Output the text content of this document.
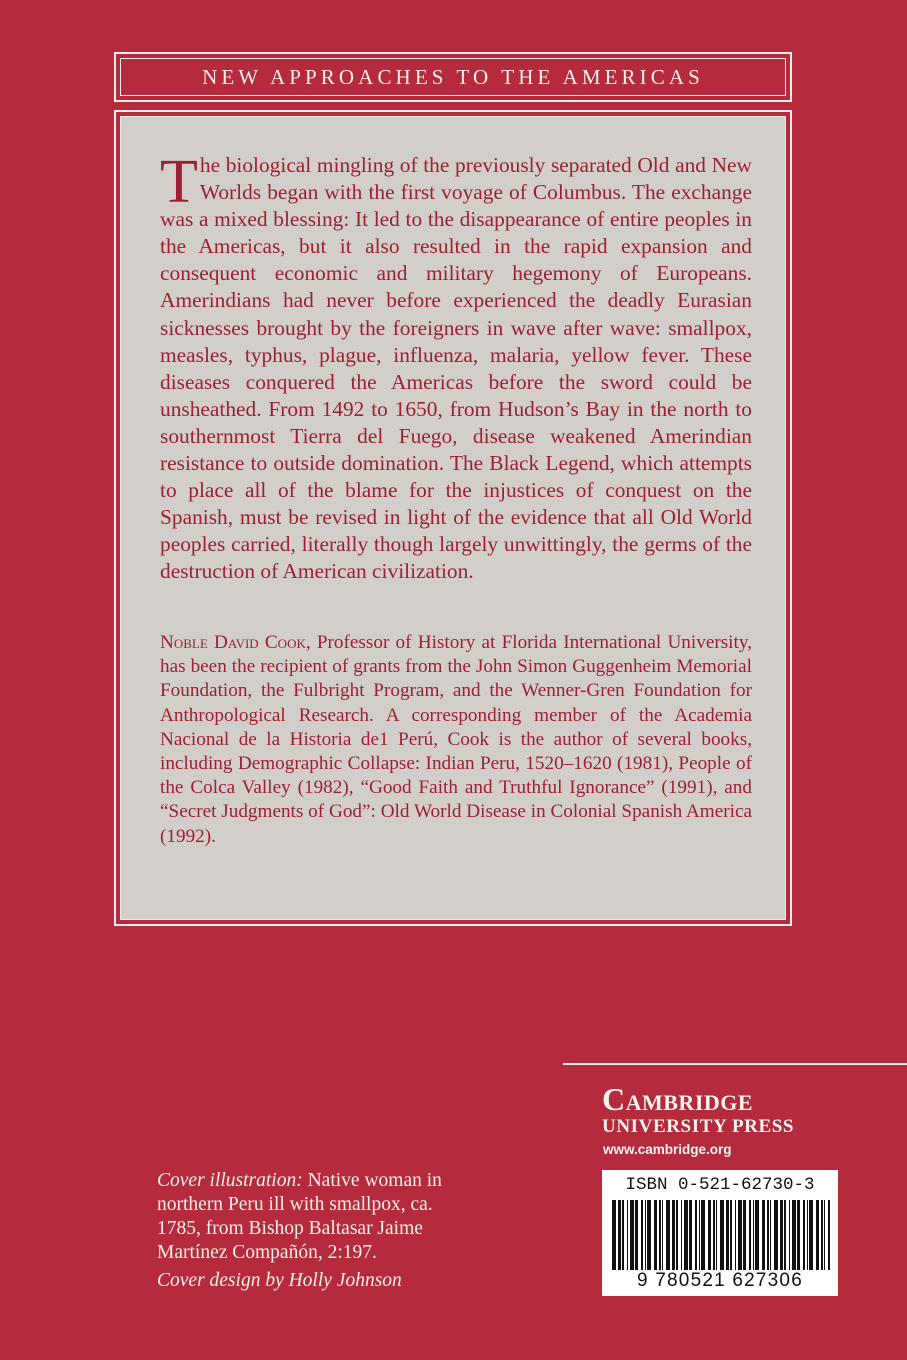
NEW APPROACHES TO THE AMERICAS

The biological mingling of the previously separated Old and New Worlds began with the first voyage of Columbus. The exchange was a mixed blessing: It led to the disappearance of entire peoples in the Americas, but it also resulted in the rapid expansion and consequent economic and military hegemony of Europeans. Amerindians had never before experienced the deadly Eurasian sicknesses brought by the foreigners in wave after wave: smallpox, measles, typhus, plague, influenza, malaria, yellow fever. These diseases conquered the Americas before the sword could be unsheathed. From 1492 to 1650, from Hudson’s Bay in the north to southernmost Tierra del Fuego, disease weakened Amerindian resistance to outside domination. The Black Legend, which attempts to place all of the blame for the injustices of conquest on the Spanish, must be revised in light of the evidence that all Old World peoples carried, literally though largely unwittingly, the germs of the destruction of American civilization.

Noble David Cook, Professor of History at Florida International University, has been the recipient of grants from the John Simon Guggenheim Memorial Foundation, the Fulbright Program, and the Wenner-Gren Foundation for Anthropological Research. A corresponding member of the Academia Nacional de la Historia de1 Perú, Cook is the author of several books, including Demographic Collapse: Indian Peru, 1520–1620 (1981), People of the Colca Valley (1982), “Good Faith and Truthful Ignorance” (1991), and “Secret Judgments of God”: Old World Disease in Colonial Spanish America (1992).

Cambridge

UNIVERSITY PRESS

www.cambridge.org

ISBN 0-521-62730-3
9 780521 627306

Cover illustration: Native woman in northern Peru ill with smallpox, ca. 1785, from Bishop Baltasar Jaime Martínez Compañón, 2:197.

Cover design by Holly Johnson
